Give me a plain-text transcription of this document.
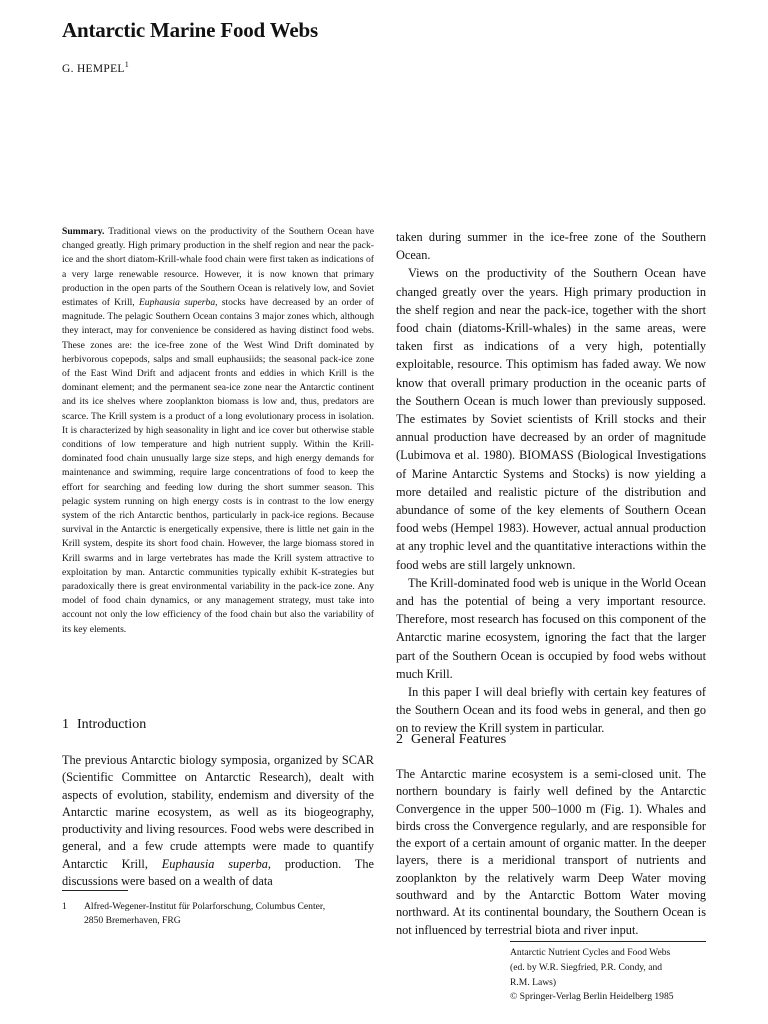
Antarctic Marine Food Webs
G. HEMPEL$^1$

Summary. Traditional views on the productivity of the Southern Ocean have changed greatly. High primary production in the shelf region and near the pack-ice and the short diatom-Krill-whale food chain were first taken as indications of a very large renewable resource. However, it is now known that primary production in the open parts of the Southern Ocean is relatively low, and Soviet estimates of Krill, Euphausia superba, stocks have decreased by an order of magnitude. The pelagic Southern Ocean contains 3 major zones which, although they interact, may for convenience be considered as having distinct food webs. These zones are: the ice-free zone of the West Wind Drift dominated by herbivorous copepods, salps and small euphausiids; the seasonal pack-ice zone of the East Wind Drift and adjacent fronts and eddies in which Krill is the dominant element; and the permanent sea-ice zone near the Antarctic continent and its ice shelves where zooplankton biomass is low and, thus, predators are scarce. The Krill system is a product of a long evolutionary process in isolation. It is characterized by high seasonality in light and ice cover but otherwise stable conditions of low temperature and high nutrient supply. Within the Krill-dominated food chain unusually large size steps, and high energy demands for maintenance and swimming, require large concentrations of food to keep the effort for searching and feeding low during the short summer season. This pelagic system running on high energy costs is in contrast to the low energy system of the rich Antarctic benthos, particularly in pack-ice regions. Because survival in the Antarctic is energetically expensive, there is little net gain in the Krill system, despite its short food chain. However, the large biomass stored in Krill swarms and in large vertebrates has made the Krill system attractive to exploitation by man. Antarctic communities typically exhibit K-strategies but paradoxically there is great environmental variability in the pack-ice zone. Any model of food chain dynamics, or any management strategy, must take into account not only the low efficiency of the food chain but also the variability of its key elements.

taken during summer in the ice-free zone of the Southern Ocean.

Views on the productivity of the Southern Ocean have changed greatly over the years. High primary production in the shelf region and near the pack-ice, together with the short food chain (diatoms-Krill-whales) in the same areas, were taken first as indications of a very high, potentially exploitable, resource. This optimism has faded away. We now know that overall primary production in the oceanic parts of the Southern Ocean is much lower than previously supposed. The estimates by Soviet scientists of Krill stocks and their annual production have decreased by an order of magnitude (Lubimova et al. 1980). BIOMASS (Biological Investigations of Marine Antarctic Systems and Stocks) is now yielding a more detailed and realistic picture of the distribution and abundance of some of the key elements of Southern Ocean food webs (Hempel 1983). However, actual annual production at any trophic level and the quantitative interactions within the food webs are still largely unknown.

The Krill-dominated food web is unique in the World Ocean and has the potential of being a very important resource. Therefore, most research has focused on this component of the Antarctic marine ecosystem, ignoring the fact that the larger part of the Southern Ocean is occupied by food webs without much Krill.

In this paper I will deal briefly with certain key features of the Southern Ocean and its food webs in general, and then go on to review the Krill system in particular.

1 Introduction

The previous Antarctic biology symposia, organized by SCAR (Scientific Committee on Antarctic Research), dealt with aspects of evolution, stability, endemism and diversity of the Antarctic marine ecosystem, as well as its biogeography, productivity and living resources. Food webs were described in general, and a few crude attempts were made to quantify Antarctic Krill, Euphausia superba, production. The discussions were based on a wealth of data

2 General Features

The Antarctic marine ecosystem is a semi-closed unit. The northern boundary is fairly well defined by the Antarctic Convergence in the upper 500–1000 m (Fig. 1). Whales and birds cross the Convergence regularly, and are responsible for the export of a certain amount of organic matter. In the deeper layers, there is a meridional transport of nutrients and zooplankton by the relatively warm Deep Water moving southward and by the Antarctic Bottom Water moving northward. At its continental boundary, the Southern Ocean is not influenced by terrestrial biota and river input.

1 Alfred-Wegener-Institut für Polarforschung, Columbus Center,
2850 Bremerhaven, FRG
Antarctic Nutrient Cycles and Food Webs
(ed. by W.R. Siegfried, P.R. Condy, and
R.M. Laws)
© Springer-Verlag Berlin Heidelberg 1985
